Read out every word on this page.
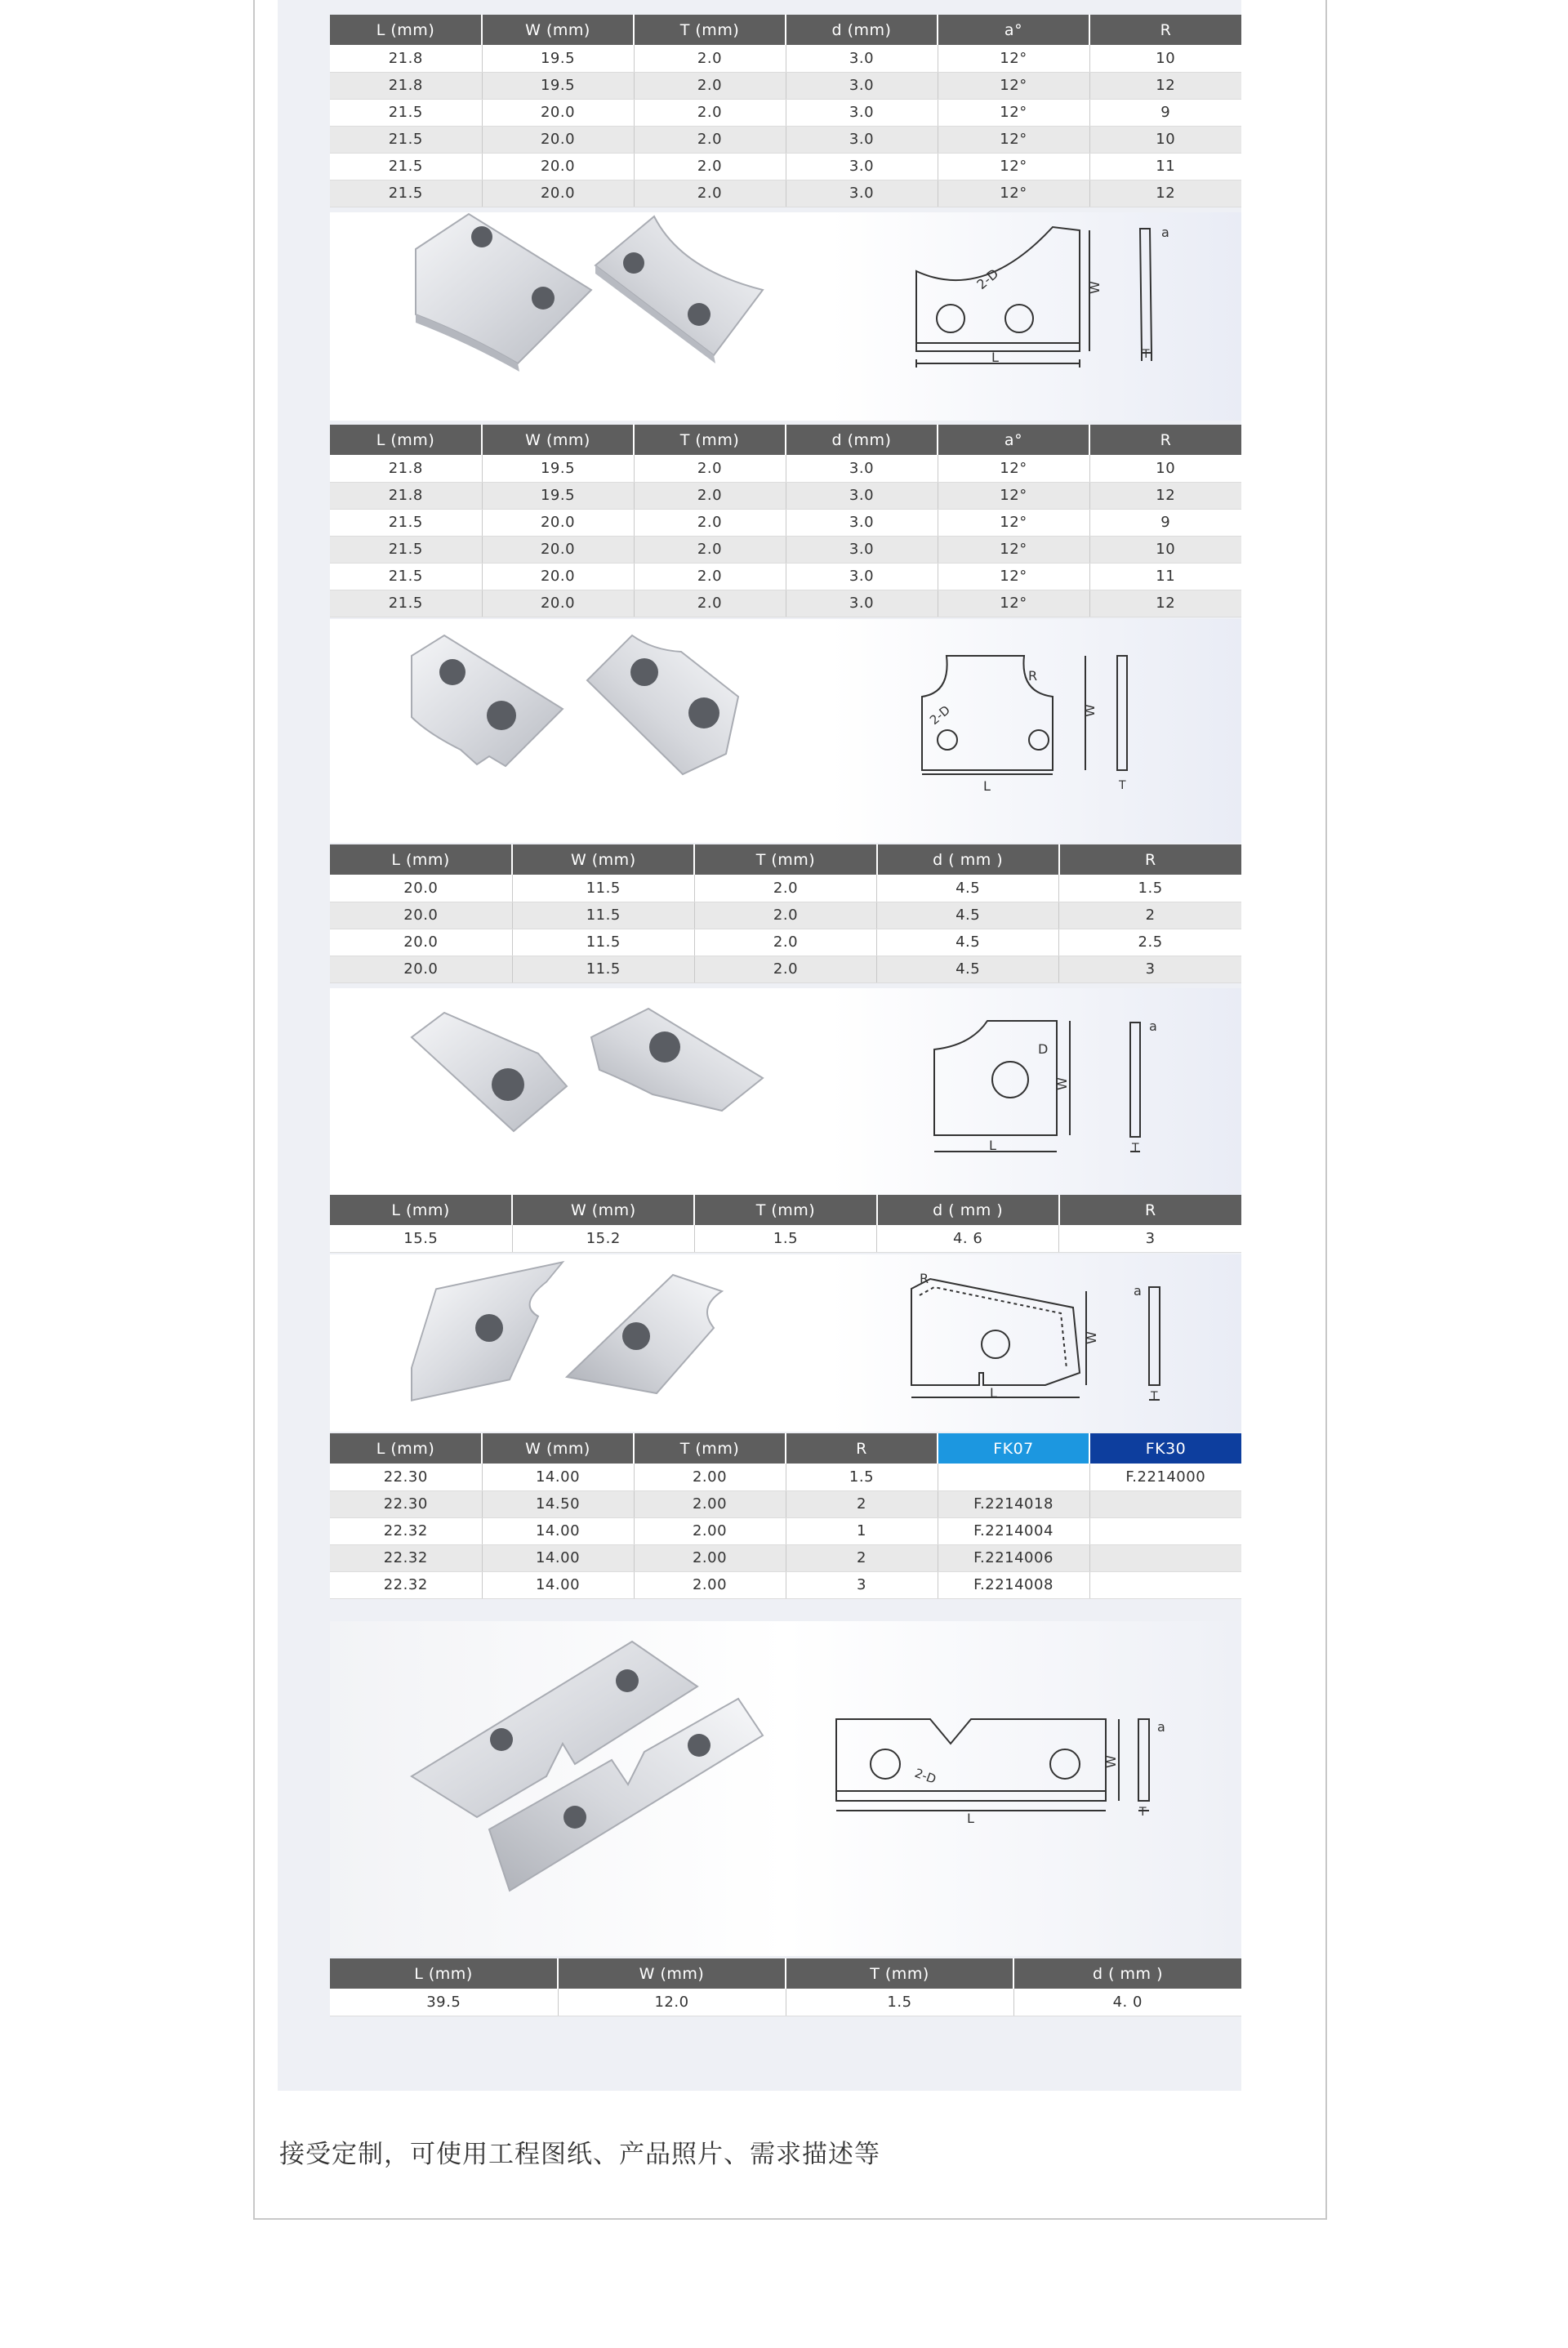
L (mm)	W (mm)	T (mm)	d (mm)	a°	R
21.8	19.5	2.0	3.0	12°	10
21.8	19.5	2.0	3.0	12°	12
21.5	20.0	2.0	3.0	12°	9
21.5	20.0	2.0	3.0	12°	10
21.5	20.0	2.0	3.0	12°	11
21.5	20.0	2.0	3.0	12°	12
2-D
L
W
a
T
L (mm)	W (mm)	T (mm)	d (mm)	a°	R
21.8	19.5	2.0	3.0	12°	10
21.8	19.5	2.0	3.0	12°	12
21.5	20.0	2.0	3.0	12°	9
21.5	20.0	2.0	3.0	12°	10
21.5	20.0	2.0	3.0	12°	11
21.5	20.0	2.0	3.0	12°	12
2-D
R
L
W
T
L (mm)	W (mm)	T (mm)	d ( mm )	R
20.0	11.5	2.0	4.5	1.5
20.0	11.5	2.0	4.5	2
20.0	11.5	2.0	4.5	2.5
20.0	11.5	2.0	4.5	3
D
L
W
a
T
L (mm)	W (mm)	T (mm)	d ( mm )	R
15.5	15.2	1.5	4. 6	3
R
L
W
a
T
L (mm)	W (mm)	T (mm)	R	FK07	FK30
22.30	14.00	2.00	1.5		F.2214000
22.30	14.50	2.00	2	F.2214018	
22.32	14.00	2.00	1	F.2214004	
22.32	14.00	2.00	2	F.2214006	
22.32	14.00	2.00	3	F.2214008	
2-D
L
W
a
T
L (mm)	W (mm)	T (mm)	d ( mm )
39.5	12.0	1.5	4. 0
接受定制，可使用工程图纸、产品照片、需求描述等
